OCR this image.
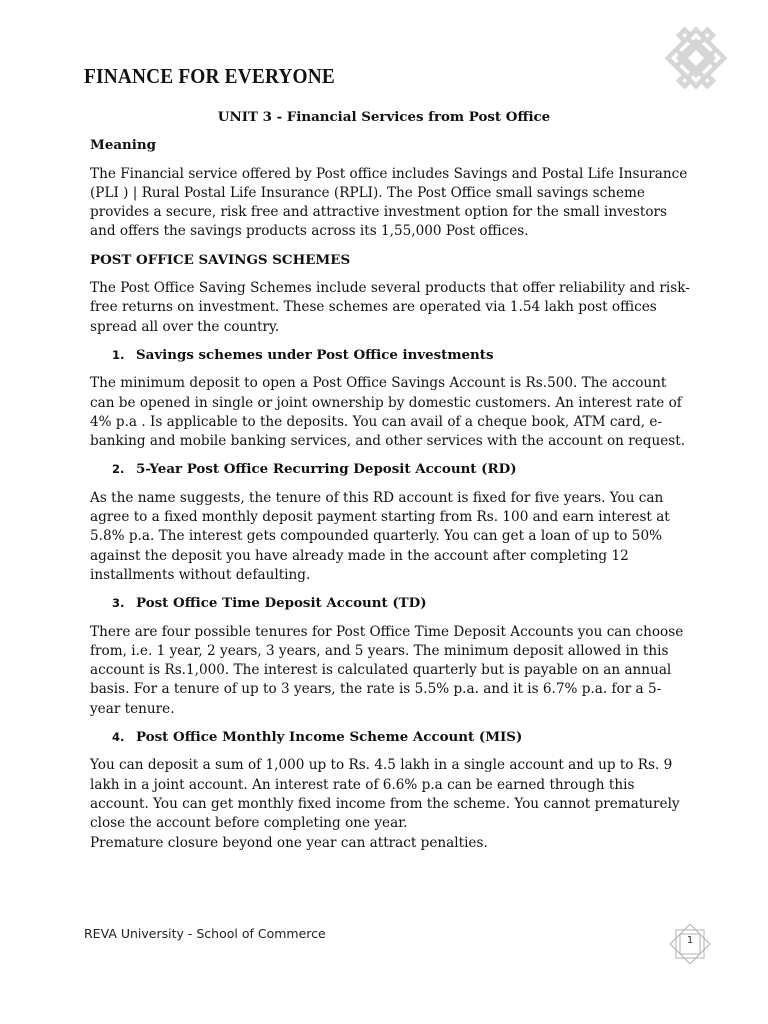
FINANCE FOR EVERYONE

UNIT 3 - Financial Services from Post Office

Meaning

The Financial service offered by Post office includes Savings and Postal Life Insurance (PLI ) | Rural Postal Life Insurance (RPLI). The Post Office small savings scheme provides a secure, risk free and attractive investment option for the small investors and offers the savings products across its 1,55,000 Post offices.

POST OFFICE SAVINGS SCHEMES

The Post Office Saving Schemes include several products that offer reliability and risk-free returns on investment. These schemes are operated via 1.54 lakh post offices spread all over the country.

1. Savings schemes under Post Office investments

The minimum deposit to open a Post Office Savings Account is Rs.500. The account can be opened in single or joint ownership by domestic customers. An interest rate of 4% p.a . Is applicable to the deposits. You can avail of a cheque book, ATM card, e-banking and mobile banking services, and other services with the account on request.

2. 5-Year Post Office Recurring Deposit Account (RD)

As the name suggests, the tenure of this RD account is fixed for five years. You can agree to a fixed monthly deposit payment starting from Rs. 100 and earn interest at 5.8% p.a. The interest gets compounded quarterly. You can get a loan of up to 50% against the deposit you have already made in the account after completing 12 installments without defaulting.

3. Post Office Time Deposit Account (TD)

There are four possible tenures for Post Office Time Deposit Accounts you can choose from, i.e. 1 year, 2 years, 3 years, and 5 years. The minimum deposit allowed in this account is Rs.1,000. The interest is calculated quarterly but is payable on an annual basis. For a tenure of up to 3 years, the rate is 5.5% p.a. and it is 6.7% p.a. for a 5-year tenure.

4. Post Office Monthly Income Scheme Account (MIS)

You can deposit a sum of 1,000 up to Rs. 4.5 lakh in a single account and up to Rs. 9 lakh in a joint account. An interest rate of 6.6% p.a can be earned through this account. You can get monthly fixed income from the scheme. You cannot prematurely close the account before completing one year.

Premature closure beyond one year can attract penalties.

REVA University - School of Commerce	1
